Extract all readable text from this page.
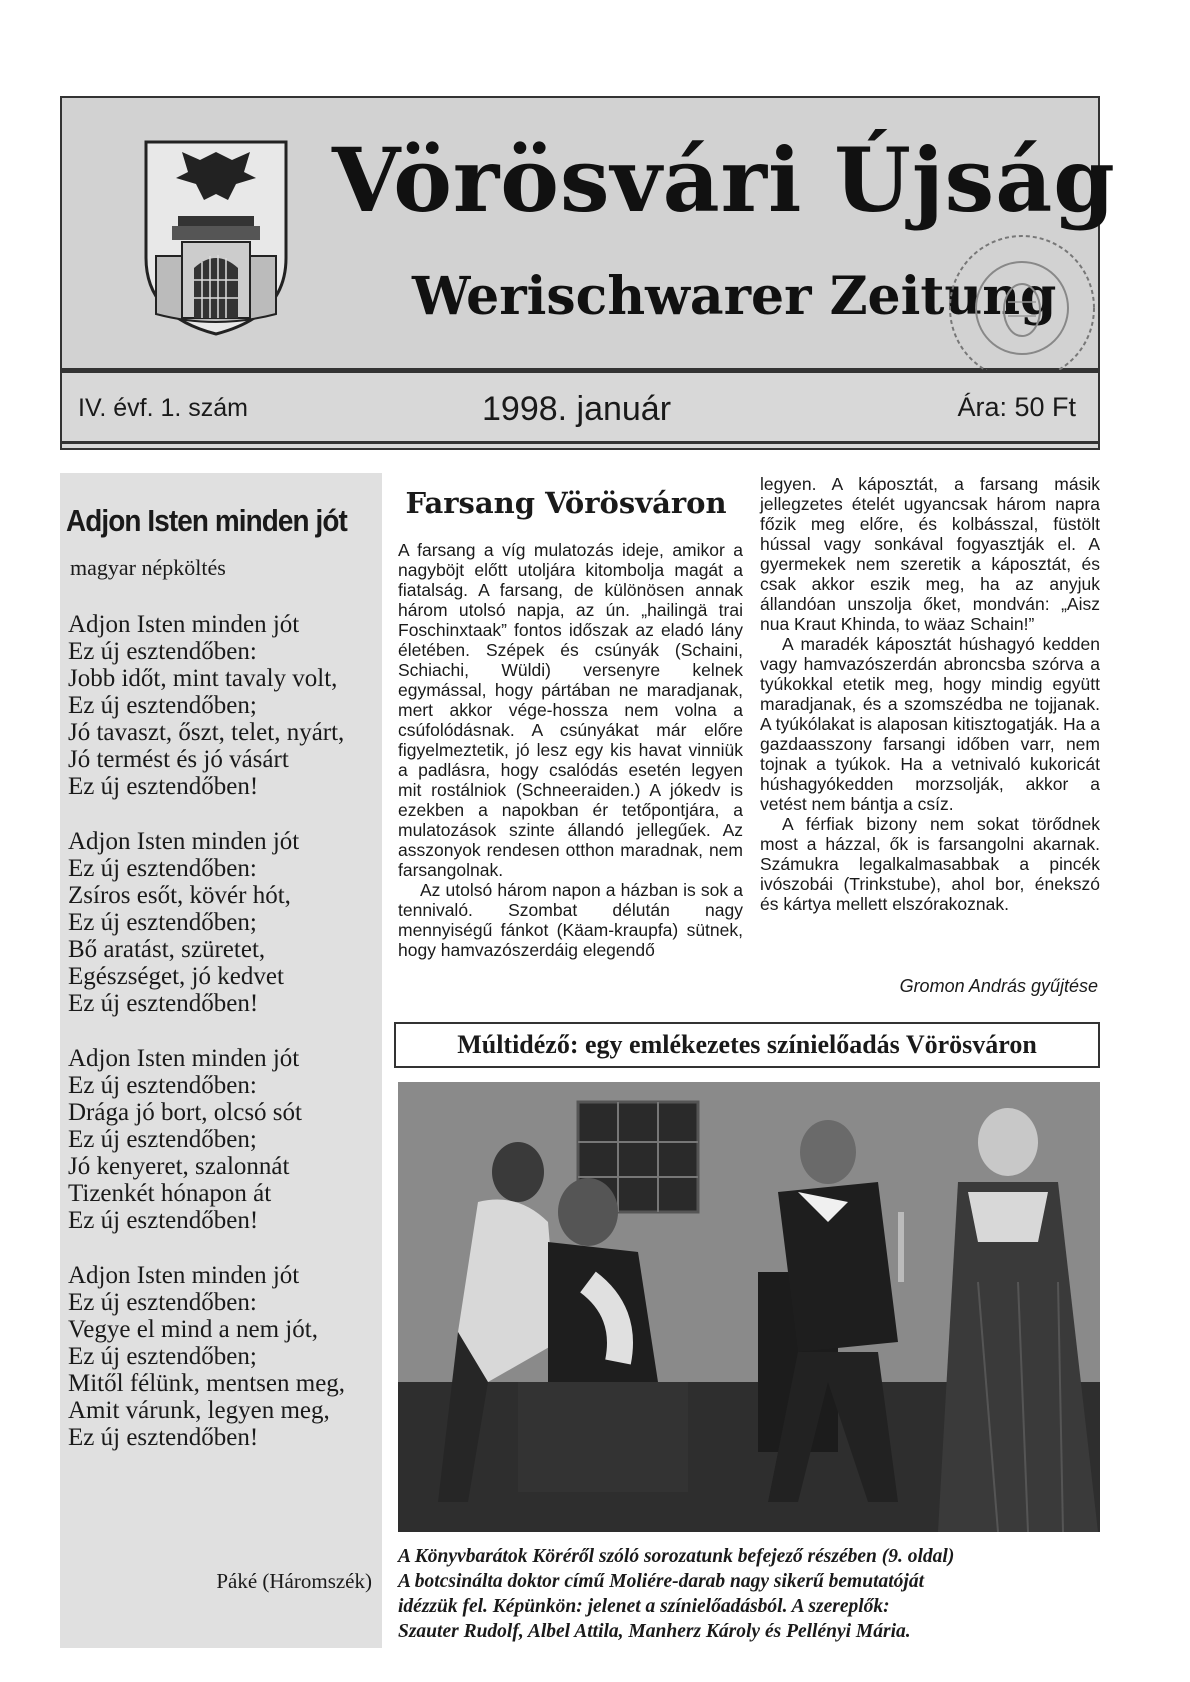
Vörösvári Újság
Werischwarer Zeitung
IV. évf. 1. szám	1998. január	Ára: 50 Ft
Adjon Isten minden jót
magyar népköltés
Adjon Isten minden jót
Ez új esztendőben:
Jobb időt, mint tavaly volt,
Ez új esztendőben;
Jó tavaszt, őszt, telet, nyárt,
Jó termést és jó vásárt
Ez új esztendőben!
Adjon Isten minden jót
Ez új esztendőben:
Zsíros esőt, kövér hót,
Ez új esztendőben;
Bő aratást, szüretet,
Egészséget, jó kedvet
Ez új esztendőben!
Adjon Isten minden jót
Ez új esztendőben:
Drága jó bort, olcsó sót
Ez új esztendőben;
Jó kenyeret, szalonnát
Tizenkét hónapon át
Ez új esztendőben!
Adjon Isten minden jót
Ez új esztendőben:
Vegye el mind a nem jót,
Ez új esztendőben;
Mitől félünk, mentsen meg,
Amit várunk, legyen meg,
Ez új esztendőben!
Páké (Háromszék)
Farsang Vörösváron

A farsang a víg mulatozás ideje, amikor a nagyböjt előtt utoljára kitombolja magát a fiatalság. A farsang, de különösen annak három utolsó napja, az ún. „hailingä trai Foschinxtaak” fontos időszak az eladó lány életében. Szépek és csúnyák (Schaini, Schiachi, Wüldi) versenyre kelnek egymással, hogy pártában ne maradjanak, mert akkor vége-hossza nem volna a csúfolódásnak. A csúnyákat már előre figyelmeztetik, jó lesz egy kis havat vinniük a padlásra, hogy csalódás esetén legyen mit rostálniok (Schneeraiden.) A jókedv is ezekben a napokban ér tetőpontjára, a mulatozások szinte állandó jellegűek. Az asszonyok rendesen otthon maradnak, nem farsangolnak.

Az utolsó három napon a házban is sok a tennivaló. Szombat délután nagy mennyiségű fánkot (Käam-kraupfa) sütnek, hogy hamvazószerdáig elegendő

legyen. A káposztát, a farsang másik jellegzetes ételét ugyancsak három napra főzik meg előre, és kolbásszal, füstölt hússal vagy sonkával fogyasztják el. A gyermekek nem szeretik a káposztát, és csak akkor eszik meg, ha az anyjuk állandóan unszolja őket, mondván: „Aisz nua Kraut Khinda, to wäaz Schain!”

A maradék káposztát húshagyó kedden vagy hamvazószerdán abroncsba szórva a tyúkokkal etetik meg, hogy mindig együtt maradjanak, és a szomszédba ne tojjanak. A tyúkólakat is alaposan kitisztogatják. Ha a gazdaasszony farsangi időben varr, nem tojnak a tyúkok. Ha a vetnivaló kukoricát húshagyókedden morzsolják, akkor a vetést nem bántja a csíz.

A férfiak bizony nem sokat törődnek most a házzal, ők is farsangolni akarnak. Számukra legalkalmasabbak a pincék ivószobái (Trinkstube), ahol bor, énekszó és kártya mellett elszórakoznak.

Gromon András gyűjtése
Múltidéző: egy emlékezetes színielőadás Vörösváron
A Könyvbarátok Köréről szóló sorozatunk befejező részében (9. oldal)
A botcsinálta doktor című Moliére-darab nagy sikerű bemutatóját
idézzük fel. Képünkön: jelenet a színielőadásból. A szereplők:
Szauter Rudolf, Albel Attila, Manherz Károly és Pellényi Mária.
